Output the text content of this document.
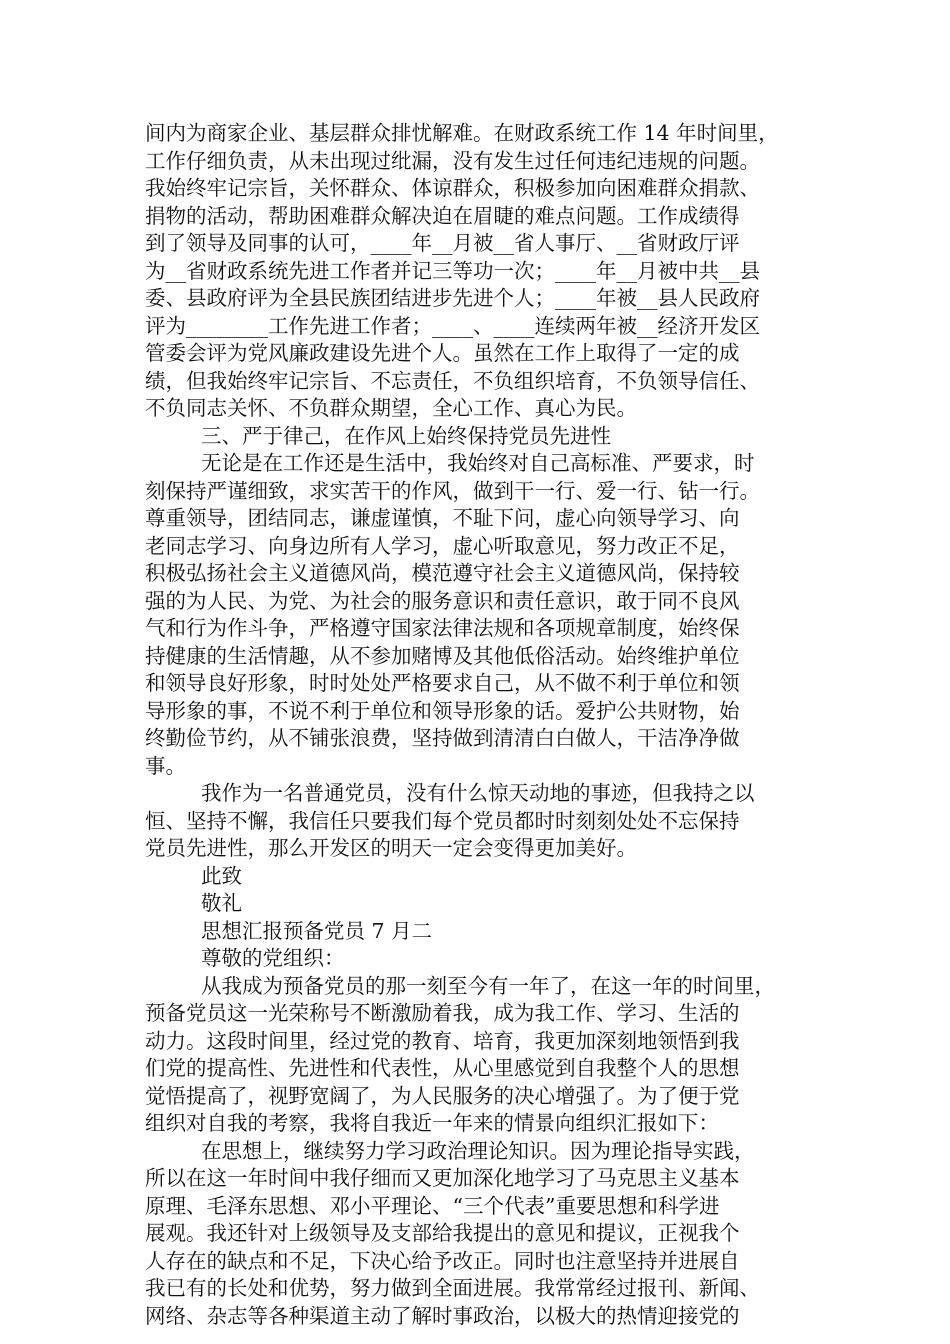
间内为商家企业、基层群众排忧解难。在财政系统工作 14 年时间里，
工作仔细负责，从未出现过纰漏，没有发生过任何违纪违规的问题。
我始终牢记宗旨，关怀群众、体谅群众，积极参加向困难群众捐款、
捐物的活动，帮助困难群众解决迫在眉睫的难点问题。工作成绩得
到了领导及同事的认可，____年__月被__省人事厅、__省财政厅评
为__省财政系统先进工作者并记三等功一次；____年__月被中共__县
委、县政府评为全县民族团结进步先进个人；____年被__县人民政府
评为________工作先进工作者；____、____连续两年被__经济开发区
管委会评为党风廉政建设先进个人。虽然在工作上取得了一定的成
绩，但我始终牢记宗旨、不忘责任，不负组织培育，不负领导信任、
不负同志关怀、不负群众期望，全心工作、真心为民。
三、严于律己，在作风上始终保持党员先进性
无论是在工作还是生活中，我始终对自己高标准、严要求，时
刻保持严谨细致，求实苦干的作风，做到干一行、爱一行、钻一行。
尊重领导，团结同志，谦虚谨慎，不耻下问，虚心向领导学习、向
老同志学习、向身边所有人学习，虚心听取意见，努力改正不足，
积极弘扬社会主义道德风尚，模范遵守社会主义道德风尚，保持较
强的为人民、为党、为社会的服务意识和责任意识，敢于同不良风
气和行为作斗争，严格遵守国家法律法规和各项规章制度，始终保
持健康的生活情趣，从不参加赌博及其他低俗活动。始终维护单位
和领导良好形象，时时处处严格要求自己，从不做不利于单位和领
导形象的事，不说不利于单位和领导形象的话。爱护公共财物，始
终勤俭节约，从不铺张浪费，坚持做到清清白白做人，干洁净净做
事。
我作为一名普通党员，没有什么惊天动地的事迹，但我持之以
恒、坚持不懈，我信任只要我们每个党员都时时刻刻处处不忘保持
党员先进性，那么开发区的明天一定会变得更加美好。
此致
敬礼
思想汇报预备党员 7 月二
尊敬的党组织：
从我成为预备党员的那一刻至今有一年了，在这一年的时间里，
预备党员这一光荣称号不断激励着我，成为我工作、学习、生活的
动力。这段时间里，经过党的教育、培育，我更加深刻地领悟到我
们党的提高性、先进性和代表性，从心里感觉到自我整个人的思想
觉悟提高了，视野宽阔了，为人民服务的决心增强了。为了便于党
组织对自我的考察，我将自我近一年来的情景向组织汇报如下：
在思想上，继续努力学习政治理论知识。因为理论指导实践，
所以在这一年时间中我仔细而又更加深化地学习了马克思主义基本
原理、毛泽东思想、邓小平理论、“三个代表”重要思想和科学进
展观。我还针对上级领导及支部给我提出的意见和提议，正视我个
人存在的缺点和不足，下决心给予改正。同时也注意坚持并进展自
我已有的长处和优势，努力做到全面进展。我常常经过报刊、新闻、
网络、杂志等各种渠道主动了解时事政治，以极大的热情迎接党的
